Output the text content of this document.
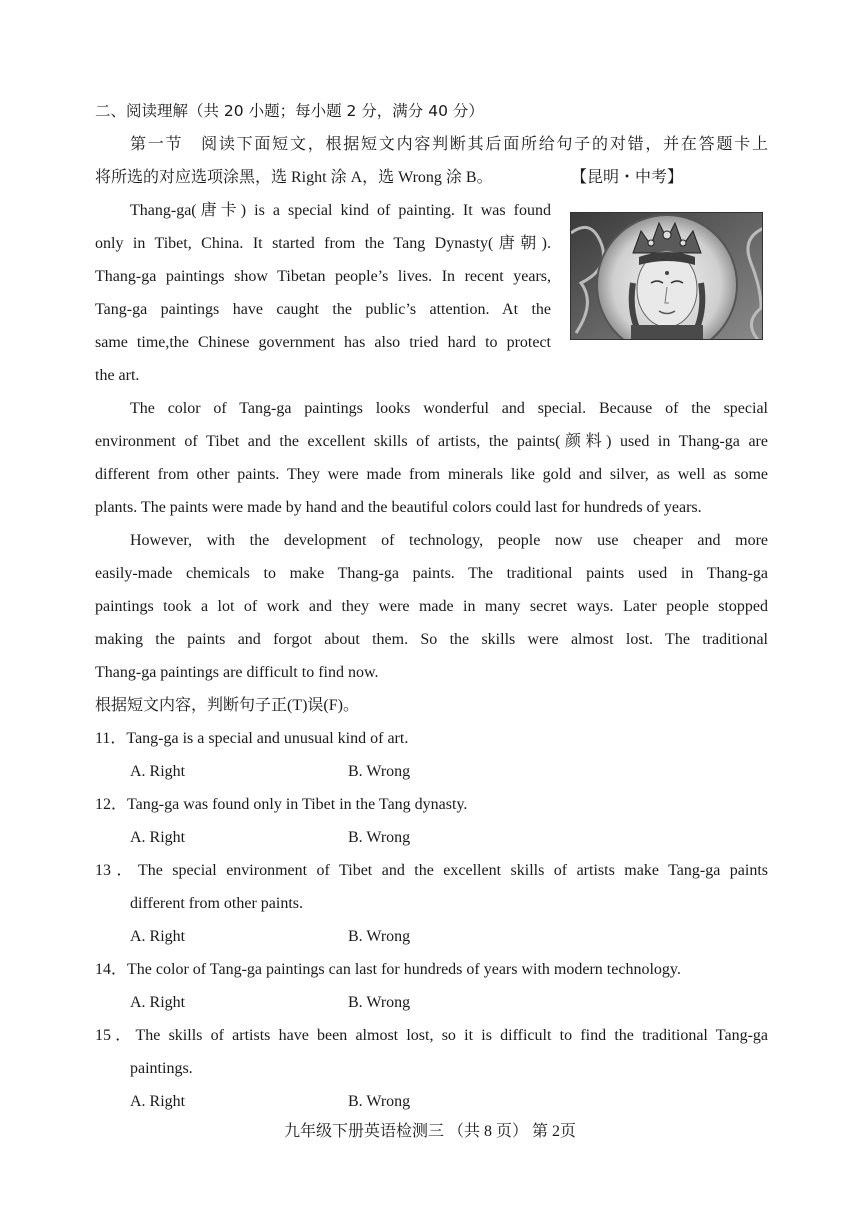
二、阅读理解（共 20 小题；每小题 2 分，满分 40 分）
第一节　阅读下面短文，根据短文内容判断其后面所给句子的对错，并在答题卡上
将所选的对应选项涂黑，选 Right 涂 A，选 Wrong 涂 B。	【昆明・中考】
Thang-ga(唐卡) is a special kind of painting. It was found
only in Tibet, China. It started from the Tang Dynasty(唐朝).
Thang-ga paintings show Tibetan people’s lives. In recent years,
Tang-ga paintings have caught the public’s attention. At the
same time,the Chinese government has also tried hard to protect
the art.
The color of Tang-ga paintings looks wonderful and special. Because of the special
environment of Tibet and the excellent skills of artists, the paints(颜料) used in Thang-ga are
different from other paints. They were made from minerals like gold and silver, as well as some
plants. The paints were made by hand and the beautiful colors could last for hundreds of years.
However, with the development of technology, people now use cheaper and more
easily-made chemicals to make Thang-ga paints. The traditional paints used in Thang-ga
paintings took a lot of work and they were made in many secret ways. Later people stopped
making the paints and forgot about them. So the skills were almost lost. The traditional
Thang-ga paintings are difficult to find now.
根据短文内容，判断句子正(T)误(F)。
11．Tang-ga is a special and unusual kind of art.
A. Right	B. Wrong
12．Tang-ga was found only in Tibet in the Tang dynasty.
A. Right	B. Wrong
13．The special environment of Tibet and the excellent skills of artists make Tang-ga paints
different from other paints.
A. Right	B. Wrong
14．The color of Tang-ga paintings can last for hundreds of years with modern technology.
A. Right	B. Wrong
15．The skills of artists have been almost lost, so it is difficult to find the traditional Tang-ga
paintings.
A. Right	B. Wrong
九年级下册英语检测三 （共 8 页） 第 2页
